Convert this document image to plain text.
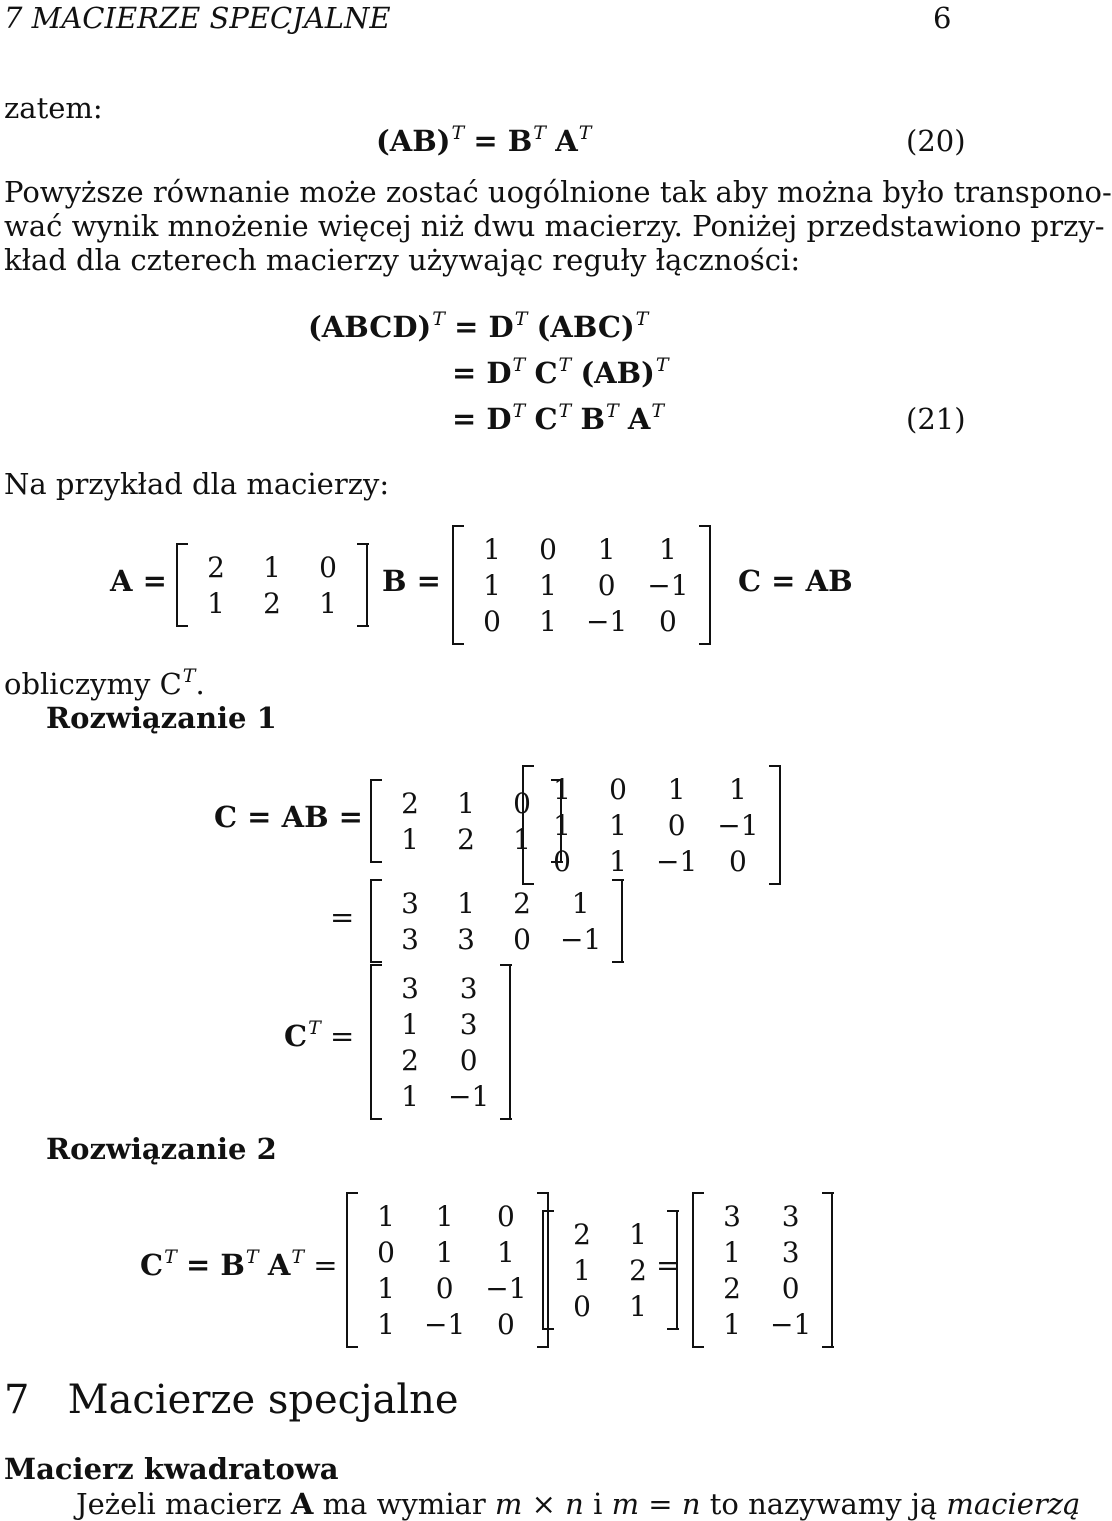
7 MACIERZE SPECJALNE	6
zatem:
$(AB)^T = B^T$ $A^T$	(20)
Powyższe równanie może zostać uogólnione tak aby można było transpono-
wać wynik mnożenie więcej niż dwu macierzy. Poniżej przedstawiono przy-
kład dla czterech macierzy używając reguły łączności:
(ABCD)$^T$ = $D^T$ (ABC)$^T$
= $D^T$ $C^T$ (AB)$^T$
= $D^T$ $C^T$ $B^T$ $A^T$	(21)
Na przykład dla macierzy:
A = 2	1	0
1	2	1
B =
1	0	1	1
1	1	0	−1
0	1	−1	0
C = AB
obliczymy $C^T$.
Rozwiązanie 1
C = AB = 2	1	0
1	2	1
1	0	1	1
1	1	0	−1
0	1	−1	0
= 3	1	2	1
3	3	0	−1
$C^T$ =
3	3
1	3
2	0
1	−1
Rozwiązanie 2
$C^T = B^T$ $A^T$ =
1	1	0
0	1	1
1	0	−1
1	−1	0
2	1
1	2
0	1
=
3	3
1	3
2	0
1	−1
7 Macierze specjalne
Macierz kwadratowa
Jeżeli macierz A ma wymiar m × n i m = n to nazywamy ją macierzą
